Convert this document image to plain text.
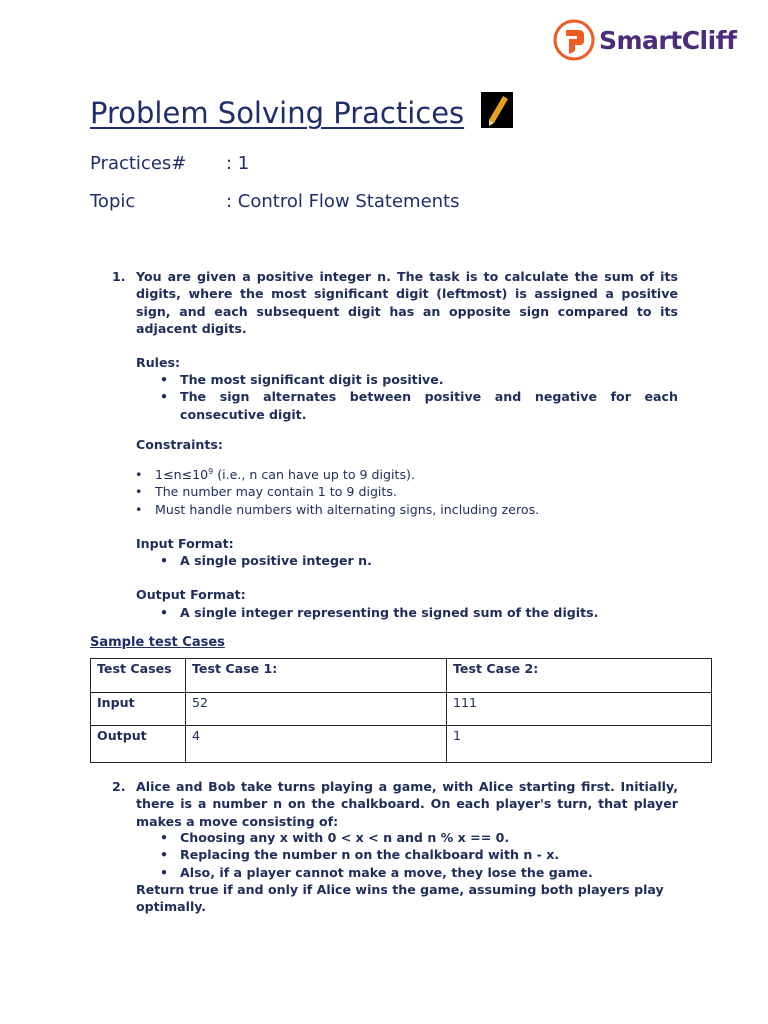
SmartCliff
Problem Solving Practices
Practices# : 1
Topic	: Control Flow Statements
1. You are given a positive integer n. The task is to calculate the sum of its digits, where the most significant digit (leftmost) is assigned a positive sign, and each subsequent digit has an opposite sign compared to its adjacent digits.
Rules:
• The most significant digit is positive.
• The sign alternates between positive and negative for each consecutive digit.
Constraints:
• $1\le n\le 10^9$ (i.e., n can have up to 9 digits).
• The number may contain 1 to 9 digits.
• Must handle numbers with alternating signs, including zeros.
Input Format:
• A single positive integer n.
Output Format:
• A single integer representing the signed sum of the digits.
Sample test Cases
Test Cases	Test Case 1:	Test Case 2:
Input	52	111
Output	4	1
2. Alice and Bob take turns playing a game, with Alice starting first. Initially, there is a number n on the chalkboard. On each player's turn, that player makes a move consisting of:
• Choosing any x with 0 < x < n and n % x == 0.
• Replacing the number n on the chalkboard with n - x.
• Also, if a player cannot make a move, they lose the game.
Return true if and only if Alice wins the game, assuming both players play optimally.
